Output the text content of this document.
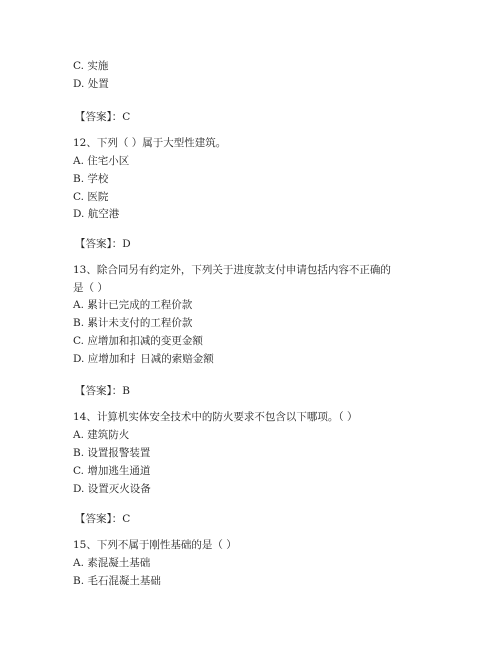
C. 实施
D. 处置
【答案】：C
12、下列（ ）属于大型性建筑。
A. 住宅小区
B. 学校
C. 医院
D. 航空港
【答案】：D
13、除合同另有约定外，下列关于进度款支付申请包括内容不正确的
是（ ）
A. 累计已完成的工程价款
B. 累计未支付的工程价款
C. 应增加和扣减的变更金额
D. 应增加和扌日减的索赔金额
【答案】：B
14、计算机实体安全技术中的防火要求不包含以下哪项。（ ）
A. 建筑防火
B. 设置报警装置
C. 增加逃生通道
D. 设置灭火设备
【答案】：C
15、下列不属于刚性基础的是（ ）
A. 素混凝土基础
B. 毛石混凝土基础
